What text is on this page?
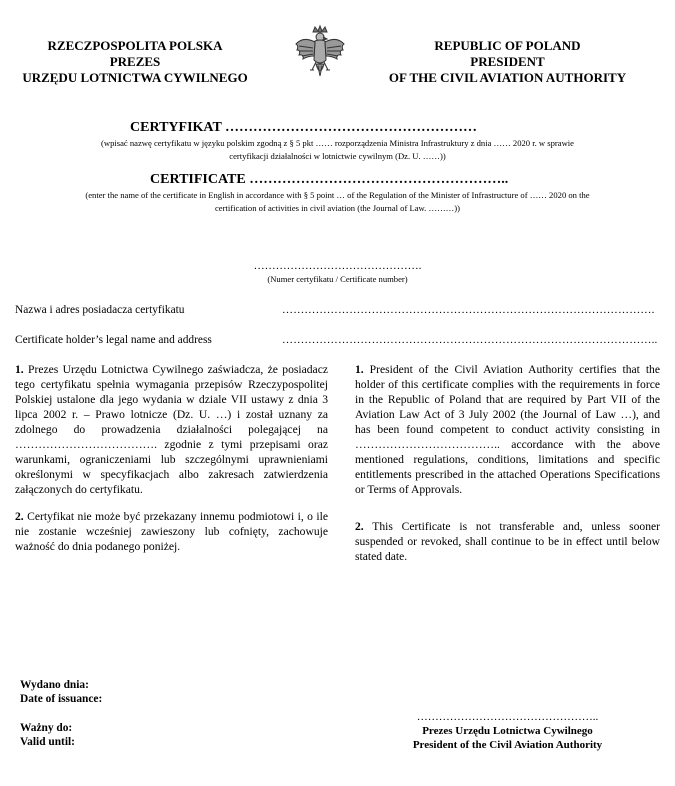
RZECZPOSPOLITA POLSKA
PREZES
URZĘDU LOTNICTWA CYWILNEGO
REPUBLIC OF POLAND
PRESIDENT
OF THE CIVIL AVIATION AUTHORITY
CERTYFIKAT ………………………………………………
(wpisać nazwę certyfikatu w języku polskim zgodną z § 5 pkt …… rozporządzenia Ministra Infrastruktury z dnia …… 2020 r. w sprawie
certyfikacji działalności w lotnictwie cywilnym (Dz. U. ……))
CERTIFICATE ………………………………………………..
(enter the name of the certificate in English in accordance with § 5 point … of the Regulation of the Minister of Infrastructure of …… 2020 on the
certification of activities in civil aviation (the Journal of Law. ………))
……………………………………….
(Numer certyfikatu / Certificate number)
Nazwa i adres posiadacza certyfikatu	……………………………………………………………………………………….
Certificate holder’s legal name and address	………………………………………………………………………………………..

1. Prezes Urzędu Lotnictwa Cywilnego zaświadcza, że posiadacz tego certyfikatu spełnia wymagania przepisów Rzeczypospolitej Polskiej ustalone dla jego wydania w dziale VII ustawy z dnia 3 lipca 2002 r. – Prawo lotnicze (Dz. U. …) i został uznany za zdolnego do prowadzenia działalności polegającej na ………………………………. zgodnie z tymi przepisami oraz warunkami, ograniczeniami lub szczególnymi uprawnieniami określonymi w specyfikacjach albo zakresach zatwierdzenia załączonych do certyfikatu.

2. Certyfikat nie może być przekazany innemu podmiotowi i, o ile nie zostanie wcześniej zawieszony lub cofnięty, zachowuje ważność do dnia podanego poniżej.

1. President of the Civil Aviation Authority certifies that the holder of this certificate complies with the requirements in force in the Republic of Poland that are required by Part VII of the Aviation Law Act of 3 July 2002 (the Journal of Law …), and has been found competent to conduct activity consisting in ……………………………….. accordance with the above mentioned regulations, conditions, limitations and specific entitlements prescribed in the attached Operations Specifications or Terms of Approvals.

2. This Certificate is not transferable and, unless sooner suspended or revoked, shall continue to be in effect until below stated date.

Wydano dnia:
Date of issuance:
Ważny do:
Valid until:
…………………………………………..
Prezes Urzędu Lotnictwa Cywilnego
President of the Civil Aviation Authority
